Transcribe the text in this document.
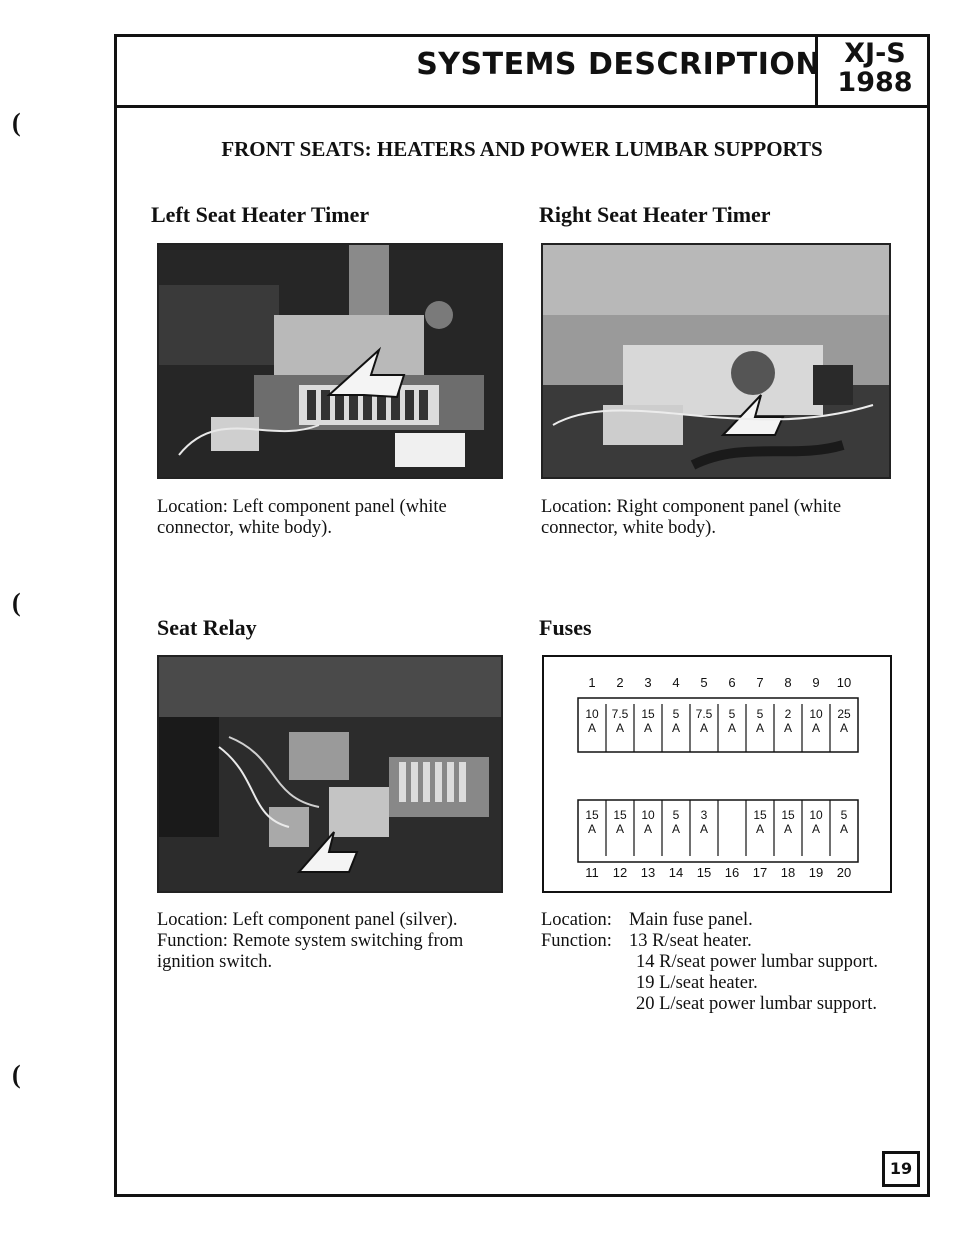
(
(
(
SYSTEMS DESCRIPTION XJ-S
1988
FRONT SEATS: HEATERS AND POWER LUMBAR SUPPORTS
Left Seat Heater Timer
Location: Left component panel (white
connector, white body).
Right Seat Heater Timer
Location: Right component panel (white
connector, white body).
Seat Relay
Location: Left component panel (silver).
Function: Remote system switching from
ignition switch.
Fuses
1
11
10
A
15
A
2
12
7.5
A
15
A
3
13
15
A
10
A
4
14
5
A
5
A
5
15
7.5
A
3
A
6
16
5
A
7
17
5
A
15
A
8
18
2
A
15
A
9
19
10
A
10
A
10
20
25
A
5
A
Location: Main fuse panel.
Function: 13 R/seat heater.
14 R/seat power lumbar support.
19 L/seat heater.
20 L/seat power lumbar support.
19
